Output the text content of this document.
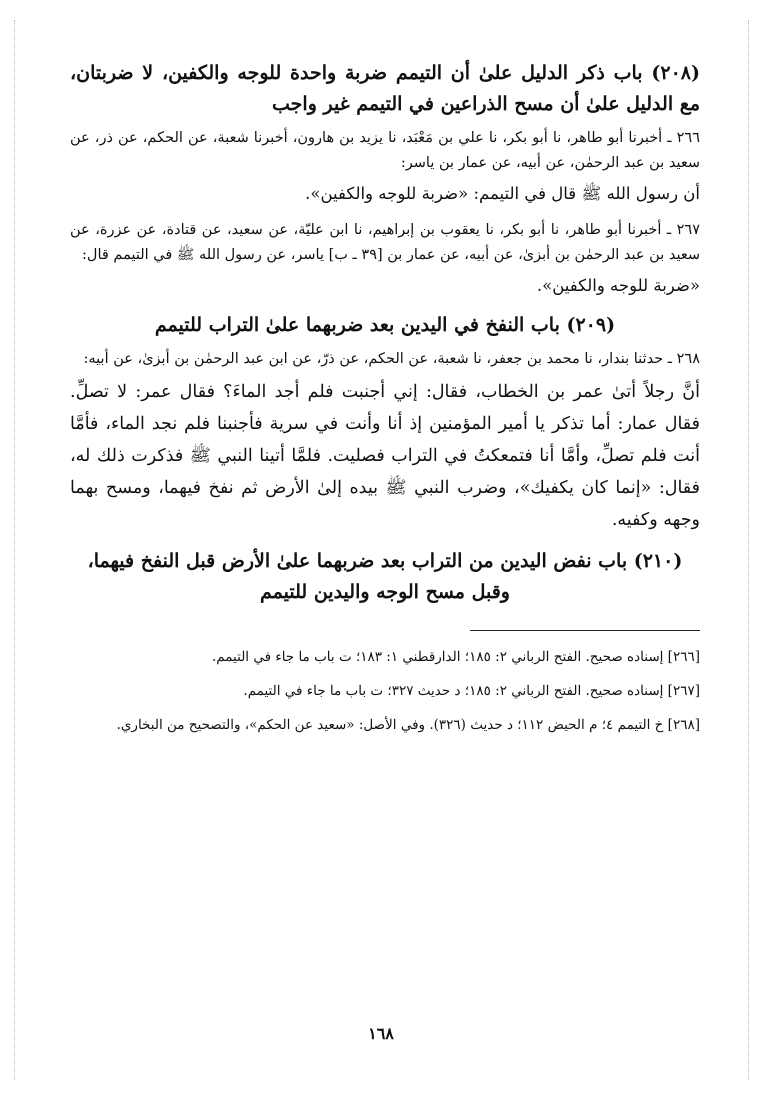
(٢٠٨) باب ذكر الدليل علىٰ أن التيمم ضربة واحدة للوجه والكفين، لا ضربتان، مع الدليل علىٰ أن مسح الذراعين في التيمم غير واجب

٢٦٦ ـ أخبرنا أبو طاهر، نا أبو بكر، نا علي بن مَعْبَد، نا يزيد بن هارون، أخبرنا شعبة، عن الحكم، عن ذر، عن سعيد بن عبد الرحمٰن، عن أبيه، عن عمار بن ياسر:

أن رسول الله ﷺ قال في التيمم: «ضربة للوجه والكفين».

٢٦٧ ـ أخبرنا أبو طاهر، نا أبو بكر، نا يعقوب بن إبراهيم، نا ابن عليّة، عن سعيد، عن قتادة، عن عزرة، عن سعيد بن عبد الرحمٰن بن أبزىٰ، عن أبيه، عن عمار بن [٣٩ ـ ب] ياسر، عن رسول الله ﷺ في التيمم قال:

«ضربة للوجه والكفين».

(٢٠٩) باب النفخ في اليدين بعد ضربهما علىٰ التراب للتيمم

٢٦٨ ـ حدثنا بندار، نا محمد بن جعفر، نا شعبة، عن الحكم، عن ذرّ، عن ابن عبد الرحمٰن بن أبزىٰ، عن أبيه:

أنَّ رجلاً أتىٰ عمر بن الخطاب، فقال: إني أجنبت فلم أجد الماءَ؟ فقال عمر: لا تصلِّ. فقال عمار: أما تذكر يا أمير المؤمنين إذ أنا وأنت في سرية فأجنبنا فلم نجد الماء، فأمَّا أنت فلم تصلِّ، وأمَّا أنا فتمعكتُ في التراب فصليت. فلمَّا أتينا النبي ﷺ فذكرت ذلك له، فقال: «إنما كان يكفيك»، وضرب النبي ﷺ بيده إلىٰ الأرض ثم نفخ فيهما، ومسح بهما وجهه وكفيه.

(٢١٠) باب نفض اليدين من التراب بعد ضربهما علىٰ الأرض قبل النفخ فيهما، وقبل مسح الوجه واليدين للتيمم

[٢٦٦] إسناده صحيح. الفتح الرباني ٢: ١٨٥؛ الدارقطني ١: ١٨٣؛ ت باب ما جاء في التيمم.

[٢٦٧] إسناده صحيح. الفتح الرباني ٢: ١٨٥؛ د حديث ٣٢٧؛ ت باب ما جاء في التيمم.

[٢٦٨] خ التيمم ٤؛ م الحيض ١١٢؛ د حديث (٣٢٦). وفي الأصل: «سعيد عن الحكم»، والتصحيح من البخاري.

١٦٨
